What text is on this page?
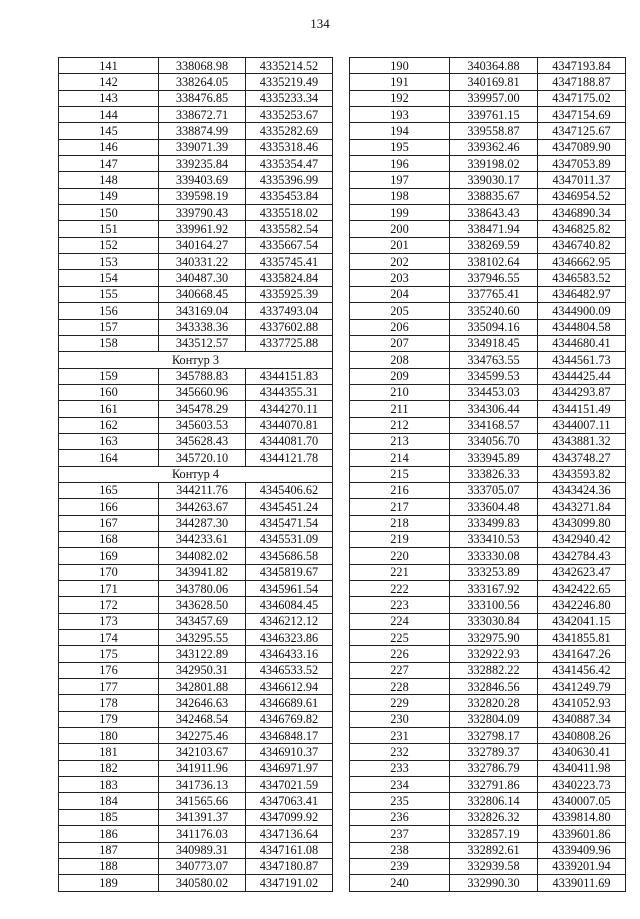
134
141	338068.98	4335214.52
142	338264.05	4335219.49
143	338476.85	4335233.34
144	338672.71	4335253.67
145	338874.99	4335282.69
146	339071.39	4335318.46
147	339235.84	4335354.47
148	339403.69	4335396.99
149	339598.19	4335453.84
150	339790.43	4335518.02
151	339961.92	4335582.54
152	340164.27	4335667.54
153	340331.22	4335745.41
154	340487.30	4335824.84
155	340668.45	4335925.39
156	343169.04	4337493.04
157	343338.36	4337602.88
158	343512.57	4337725.88
Контур 3		
159	345788.83	4344151.83
160	345660.96	4344355.31
161	345478.29	4344270.11
162	345603.53	4344070.81
163	345628.43	4344081.70
164	345720.10	4344121.78
Контур 4		
165	344211.76	4345406.62
166	344263.67	4345451.24
167	344287.30	4345471.54
168	344233.61	4345531.09
169	344082.02	4345686.58
170	343941.82	4345819.67
171	343780.06	4345961.54
172	343628.50	4346084.45
173	343457.69	4346212.12
174	343295.55	4346323.86
175	343122.89	4346433.16
176	342950.31	4346533.52
177	342801.88	4346612.94
178	342646.63	4346689.61
179	342468.54	4346769.82
180	342275.46	4346848.17
181	342103.67	4346910.37
182	341911.96	4346971.97
183	341736.13	4347021.59
184	341565.66	4347063.41
185	341391.37	4347099.92
186	341176.03	4347136.64
187	340989.31	4347161.08
188	340773.07	4347180.87
189	340580.02	4347191.02
190	340364.88	4347193.84
191	340169.81	4347188.87
192	339957.00	4347175.02
193	339761.15	4347154.69
194	339558.87	4347125.67
195	339362.46	4347089.90
196	339198.02	4347053.89
197	339030.17	4347011.37
198	338835.67	4346954.52
199	338643.43	4346890.34
200	338471.94	4346825.82
201	338269.59	4346740.82
202	338102.64	4346662.95
203	337946.55	4346583.52
204	337765.41	4346482.97
205	335240.60	4344900.09
206	335094.16	4344804.58
207	334918.45	4344680.41
208	334763.55	4344561.73
209	334599.53	4344425.44
210	334453.03	4344293.87
211	334306.44	4344151.49
212	334168.57	4344007.11
213	334056.70	4343881.32
214	333945.89	4343748.27
215	333826.33	4343593.82
216	333705.07	4343424.36
217	333604.48	4343271.84
218	333499.83	4343099.80
219	333410.53	4342940.42
220	333330.08	4342784.43
221	333253.89	4342623.47
222	333167.92	4342422.65
223	333100.56	4342246.80
224	333030.84	4342041.15
225	332975.90	4341855.81
226	332922.93	4341647.26
227	332882.22	4341456.42
228	332846.56	4341249.79
229	332820.28	4341052.93
230	332804.09	4340887.34
231	332798.17	4340808.26
232	332789.37	4340630.41
233	332786.79	4340411.98
234	332791.86	4340223.73
235	332806.14	4340007.05
236	332826.32	4339814.80
237	332857.19	4339601.86
238	332892.61	4339409.96
239	332939.58	4339201.94
240	332990.30	4339011.69
